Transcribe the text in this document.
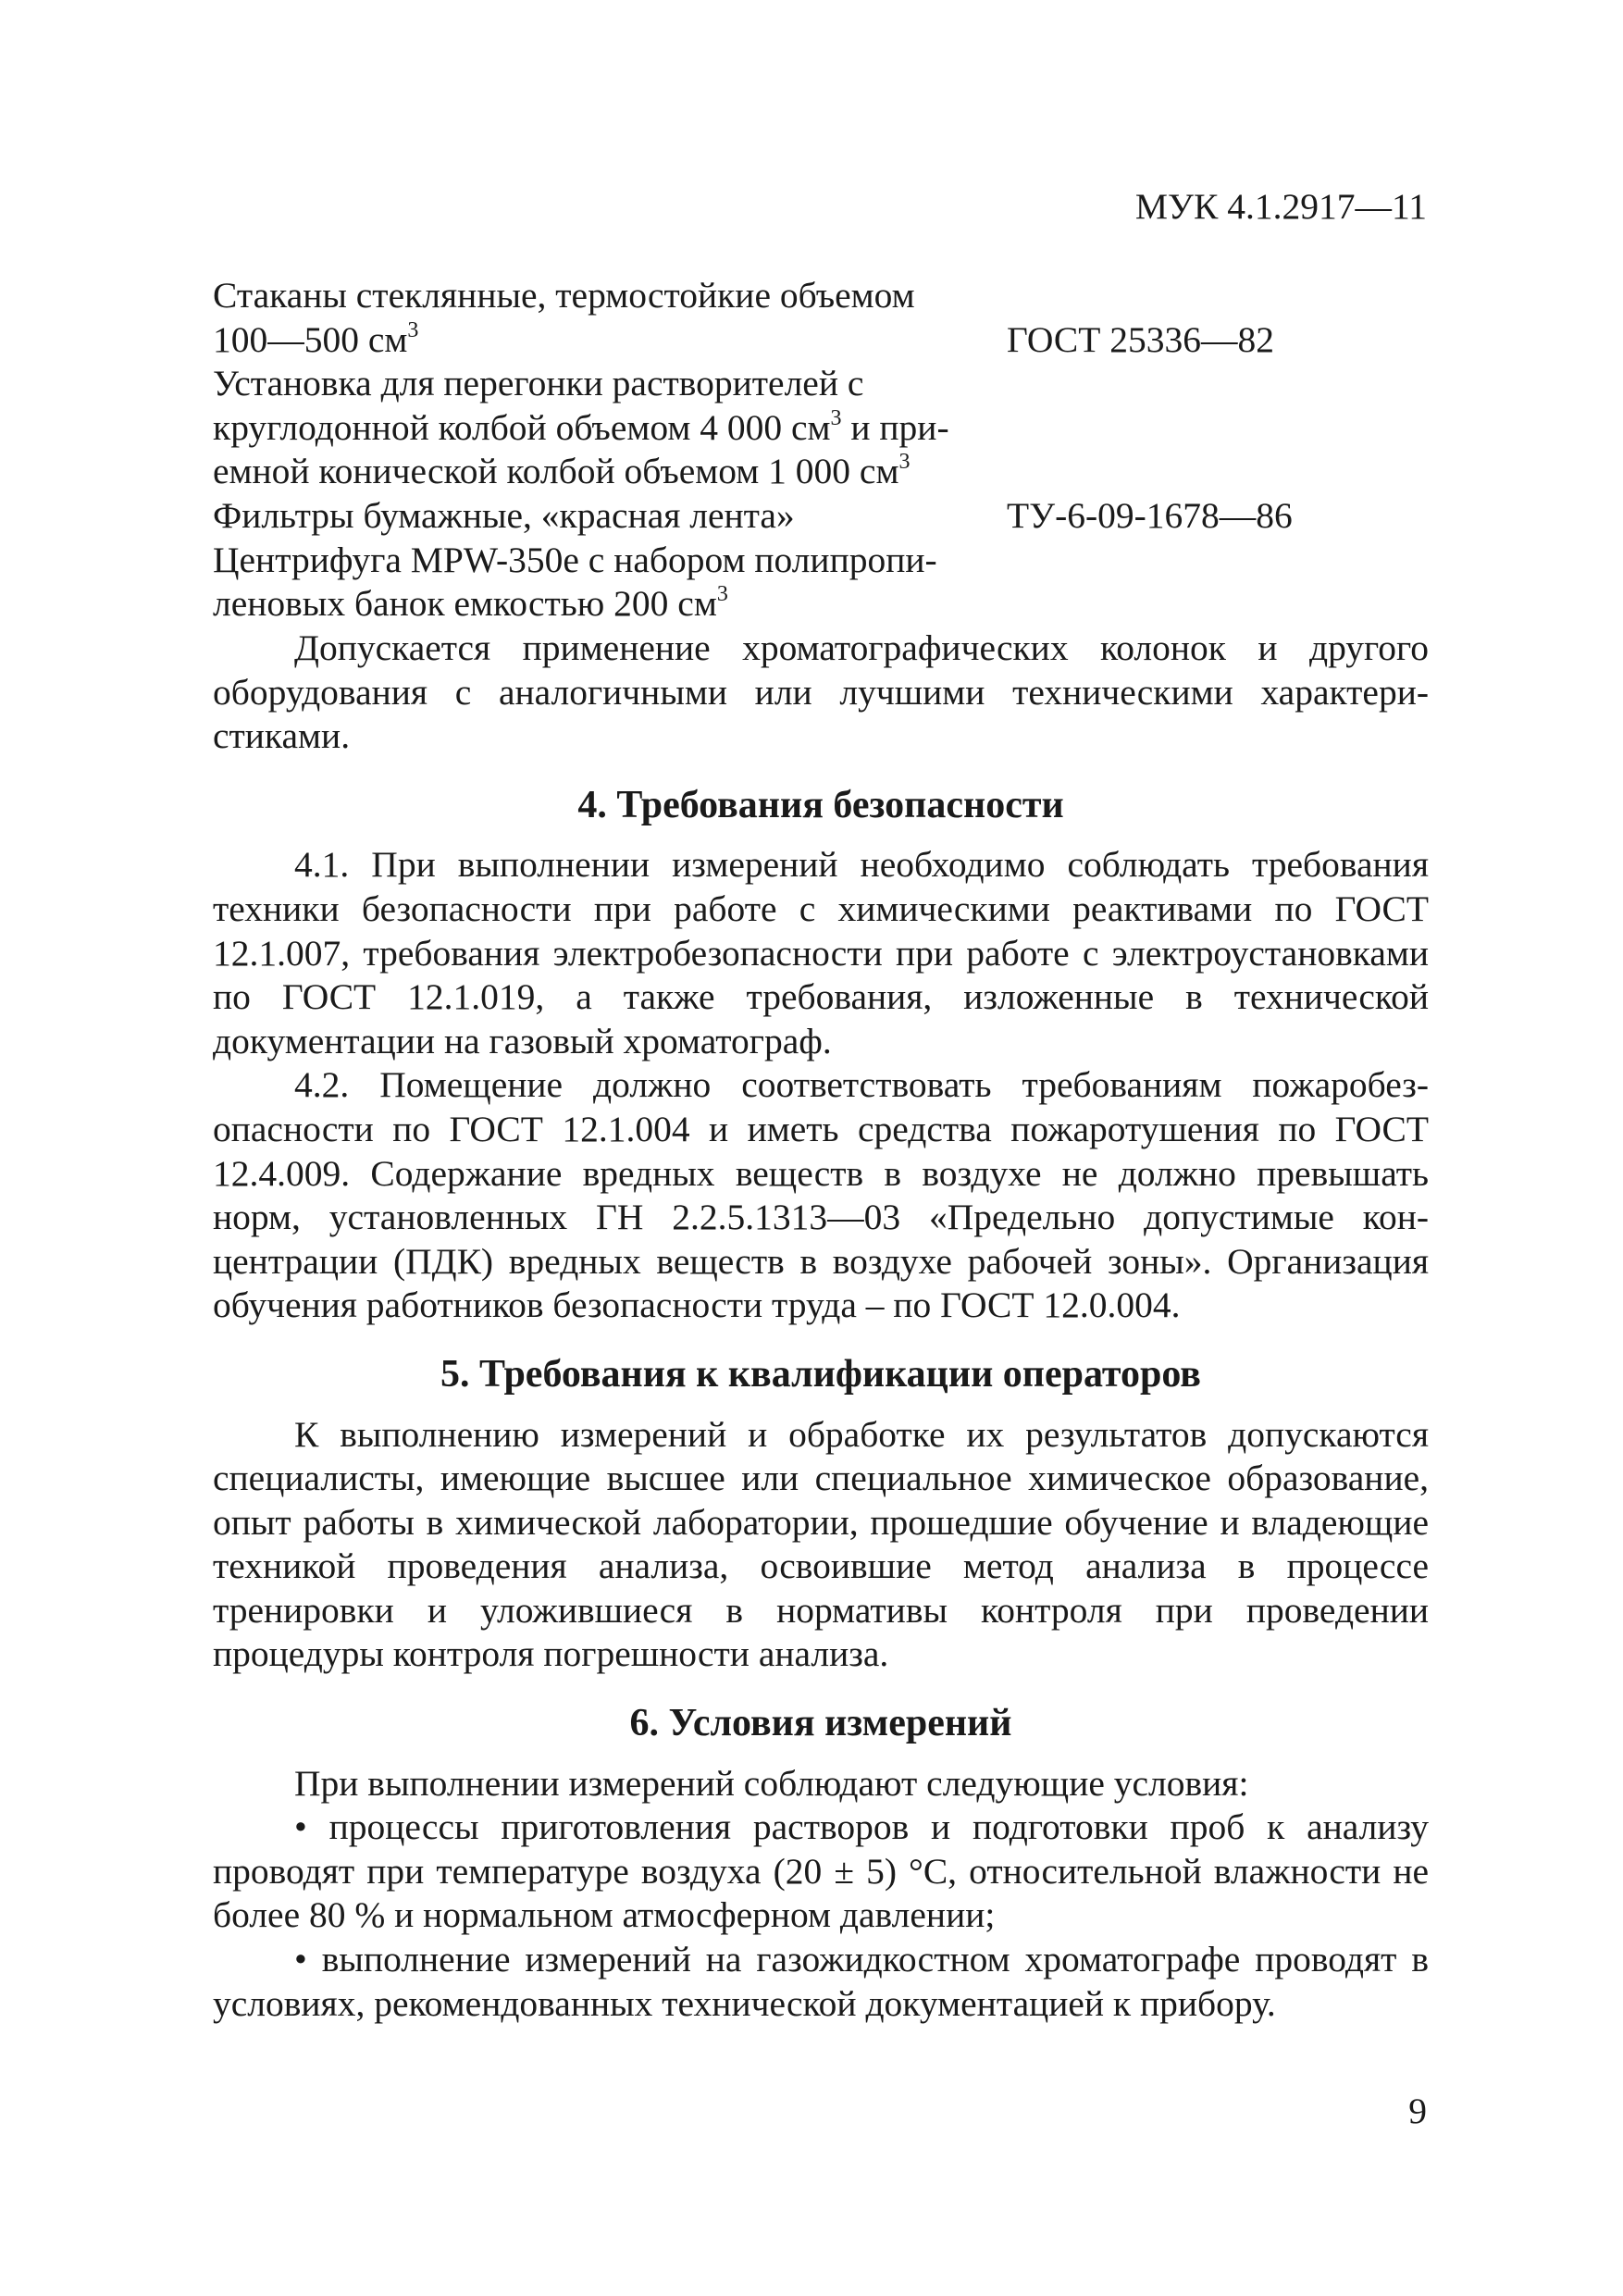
МУК 4.1.2917—11
Стаканы стеклянные, термостойкие объемом
100—500 $см^3$	ГОСТ 25336—82
Установка для перегонки растворителей с
круглодонной колбой объемом 4 000 $см^3$ и при-
емной конической колбой объемом 1 000 $см^3$
Фильтры бумажные, «красная лента»	ТУ-6-09-1678—86
Центрифуга MPW-350e с набором полипропи-
леновых банок емкостью 200 $см^3$

Допускается применение хроматографических колонок и другого оборудования с аналогичными или лучшими техническими характеристиками.

4. Требования безопасности

4.1. При выполнении измерений необходимо соблюдать требования техники безопасности при работе с химическими реактивами по ГОСТ 12.1.007, требования электробезопасности при работе с электроустановками по ГОСТ 12.1.019, а также требования, изложенные в технической документации на газовый хроматограф.

4.2. Помещение должно соответствовать требованиям пожаробезопасности по ГОСТ 12.1.004 и иметь средства пожаротушения по ГОСТ 12.4.009. Содержание вредных веществ в воздухе не должно превышать норм, установленных ГН 2.2.5.1313—03 «Предельно допустимые концентрации (ПДК) вредных веществ в воздухе рабочей зоны». Организация обучения работников безопасности труда – по ГОСТ 12.0.004.

5. Требования к квалификации операторов

К выполнению измерений и обработке их результатов допускаются специалисты, имеющие высшее или специальное химическое образование, опыт работы в химической лаборатории, прошедшие обучение и владеющие техникой проведения анализа, освоившие метод анализа в процессе тренировки и уложившиеся в нормативы контроля при проведении процедуры контроля погрешности анализа.

6. Условия измерений

При выполнении измерений соблюдают следующие условия:

• процессы приготовления растворов и подготовки проб к анализу проводят при температуре воздуха (20 ± 5) °С, относительной влажности не более 80 % и нормальном атмосферном давлении;

• выполнение измерений на газожидкостном хроматографе проводят в условиях, рекомендованных технической документацией к прибору.

9
